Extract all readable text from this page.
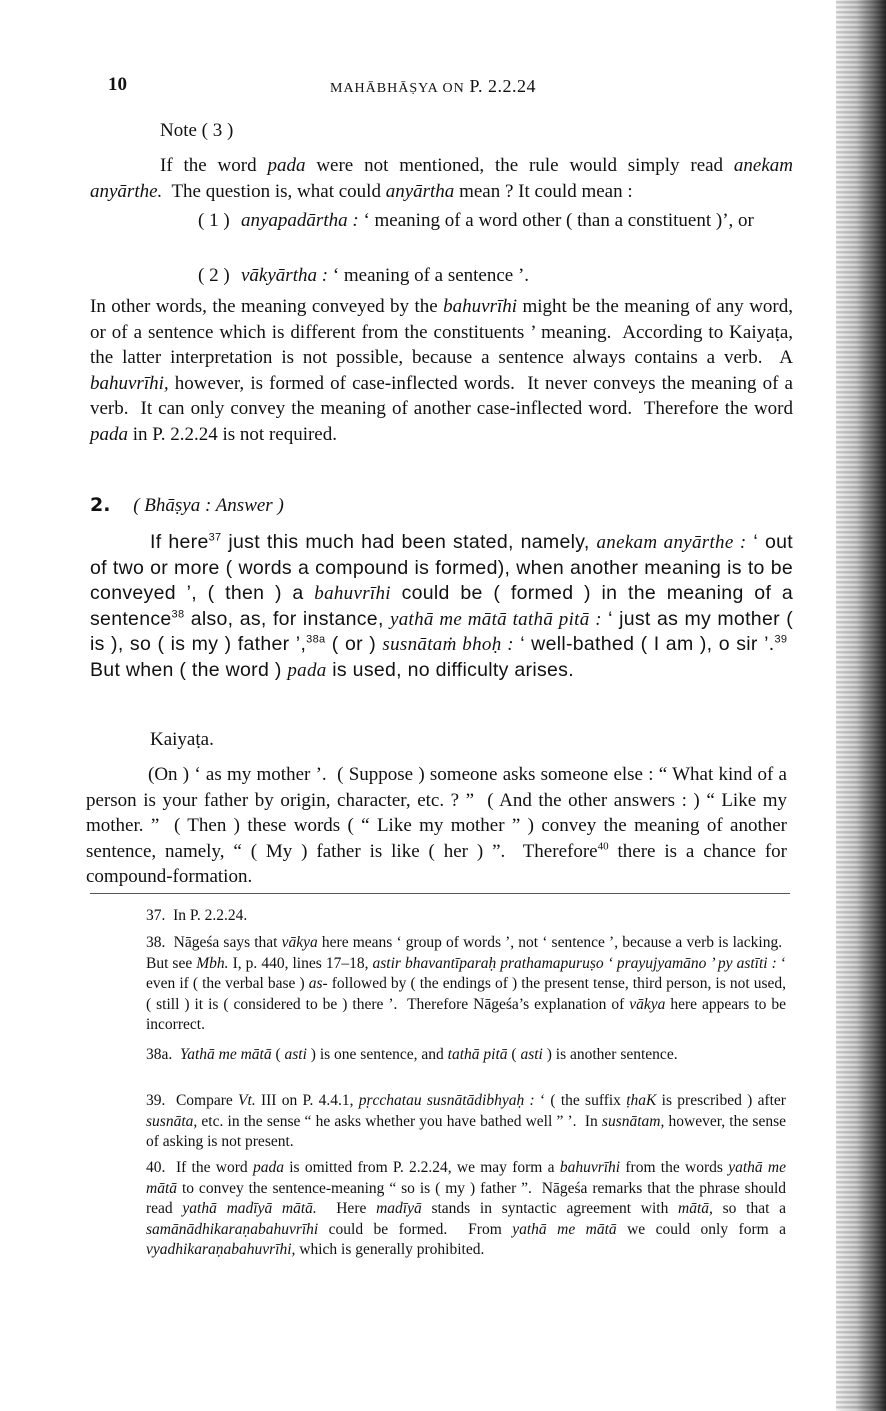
10	MAHĀBHĀṢYA ON P. 2.2.24
Note ( 3 )
If the word pada were not mentioned, the rule would simply read anekam anyārthe.  The question is, what could anyārtha mean ? It could mean :
( 1 ) anyapadārtha : ‘ meaning of a word other ( than a constituent )’, or
( 2 ) vākyārtha : ‘ meaning of a sentence ’.
In other words, the meaning conveyed by the bahuvrīhi might be the meaning of any word, or of a sentence which is different from the constituents ’ meaning.  According to Kaiyaṭa, the latter interpretation is not possible, because a sentence always contains a verb.  A bahuvrīhi, however, is formed of case-inflected words.  It never conveys the meaning of a verb.  It can only convey the meaning of another case-inflected word.  Therefore the word pada in P. 2.2.24 is not required.
2. ( Bhāṣya : Answer )
If here$^{37}$ just this much had been stated, namely, anekam anyārthe : ‘ out of two or more ( words a compound is formed), when another meaning is to be conveyed ’, ( then ) a bahuvrīhi could be ( formed ) in the meaning of a sentence$^{38}$ also, as, for instance, yathā me mātā tathā pitā : ‘ just as my mother ( is ), so ( is my ) father ’,$^{38a}$ ( or ) susnātaṁ bhoḥ : ‘ well-bathed ( I am ), o sir ’.$^{39}$  But when ( the word ) pada is used, no difficulty arises.
Kaiyaṭa.
(On ) ‘ as my mother ’.  ( Suppose ) someone asks someone else : “ What kind of a person is your father by origin, character, etc. ? ”  ( And the other answers : ) “ Like my mother. ”  ( Then ) these words ( “ Like my mother ” ) convey the meaning of another sentence, namely, “ ( My ) father is like ( her ) ”.  Therefore$^{40}$ there is a chance for compound-formation.
37.  In P. 2.2.24.
38.  Nāgeśa says that vākya here means ‘ group of words ’, not ‘ sentence ’, because a verb is lacking.  But see Mbh. I, p. 440, lines 17–18, astir bhavantīparaḥ prathamapuruṣo ‘ prayujyamāno ’ py astīti : ‘ even if ( the verbal base ) as- followed by ( the endings of ) the present tense, third person, is not used, ( still ) it is ( considered to be ) there ’.  Therefore Nāgeśa’s explanation of vākya here appears to be incorrect.
38a.  Yathā me mātā ( asti ) is one sentence, and tathā pitā ( asti ) is another sentence.
39.  Compare Vt. III on P. 4.4.1, pṛcchatau susnātādibhyaḥ : ‘ ( the suffix ṭhaK is prescribed ) after susnāta, etc. in the sense “ he asks whether you have bathed well ” ’.  In susnātam, however, the sense of asking is not present.
40.  If the word pada is omitted from P. 2.2.24, we may form a bahuvrīhi from the words yathā me mātā to convey the sentence-meaning “ so is ( my ) father ”.  Nāgeśa remarks that the phrase should read yathā madīyā mātā.  Here madīyā stands in syntactic agreement with mātā, so that a samānādhikaraṇabahuvrīhi could be formed.  From yathā me mātā we could only form a vyadhikaraṇabahuvrīhi, which is generally prohibited.
